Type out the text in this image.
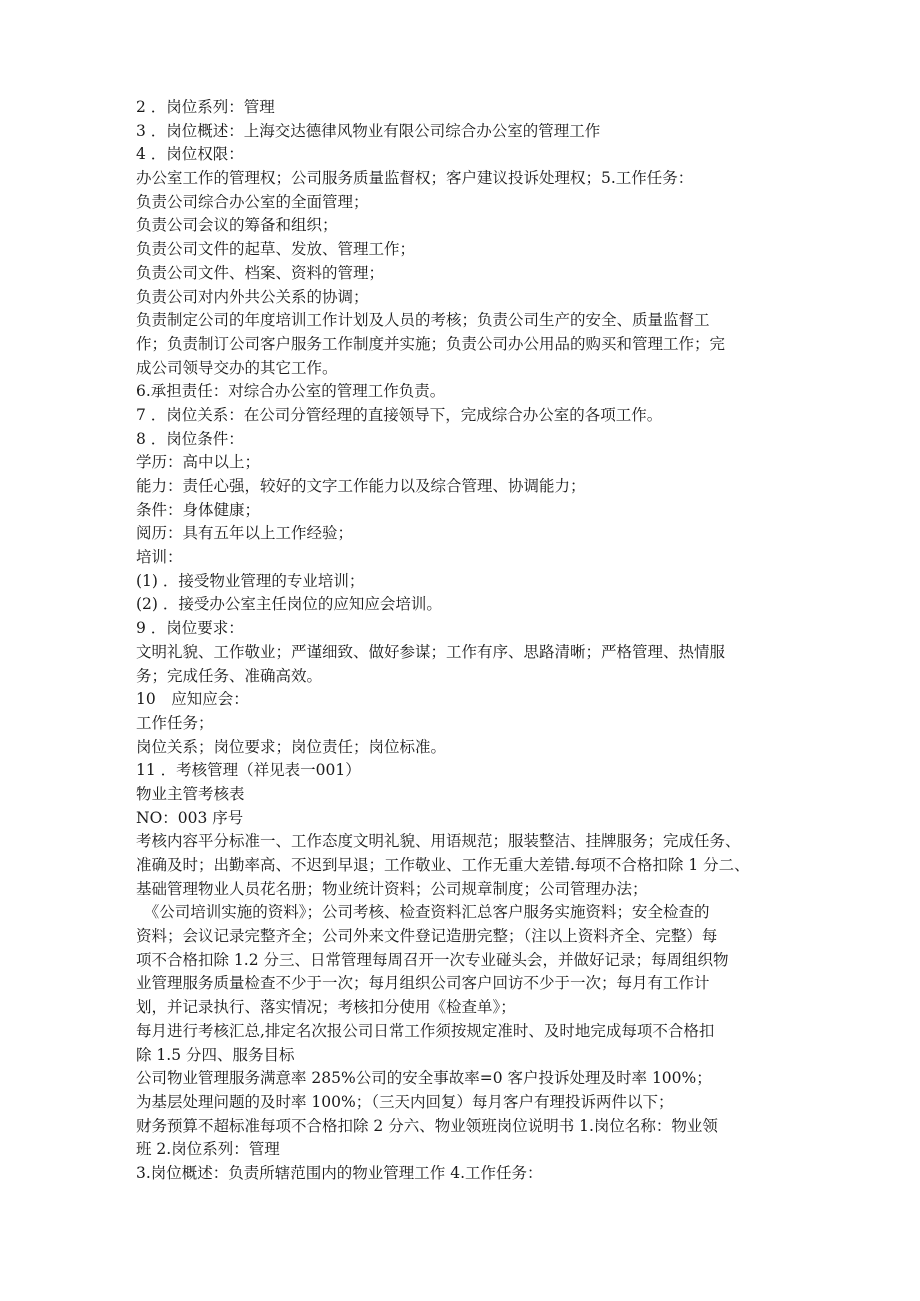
2 ．岗位系列：管理
3 ．岗位概述：上海交达德律风物业有限公司综合办公室的管理工作
4 ．岗位权限：
办公室工作的管理权；公司服务质量监督权；客户建议投诉处理权；5.工作任务：
负责公司综合办公室的全面管理；
负责公司会议的筹备和组织；
负责公司文件的起草、发放、管理工作；
负责公司文件、档案、资料的管理；
负责公司对内外共公关系的协调；
负责制定公司的年度培训工作计划及人员的考核；负责公司生产的安全、质量监督工
作；负责制订公司客户服务工作制度并实施；负责公司办公用品的购买和管理工作；完
成公司领导交办的其它工作。
6.承担责任：对综合办公室的管理工作负责。
7 ．岗位关系：在公司分管经理的直接领导下，完成综合办公室的各项工作。
8 ．岗位条件：
学历：高中以上；
能力：责任心强，较好的文字工作能力以及综合管理、协调能力；
条件：身体健康；
阅历：具有五年以上工作经验；
培训：
(1) ．接受物业管理的专业培训；
(2) ．接受办公室主任岗位的应知应会培训。
9 ．岗位要求：
文明礼貌、工作敬业；严谨细致、做好参谋；工作有序、思路清晰；严格管理、热情服
务；完成任务、准确高效。
10　应知应会：
工作任务；
岗位关系；岗位要求；岗位责任；岗位标准。
11 ．考核管理（祥见表一001）
物业主管考核表
NO：003 序号
考核内容平分标准一、工作态度文明礼貌、用语规范；服装整洁、挂牌服务；完成任务、
准确及时；出勤率高、不迟到早退；工作敬业、工作无重大差错.每项不合格扣除 1 分二、
基础管理物业人员花名册；物业统计资料；公司规章制度；公司管理办法；
　《公司培训实施的资料》；公司考核、检查资料汇总客户服务实施资料；安全检查的
资料；会议记录完整齐全；公司外来文件登记造册完整；（注以上资料齐全、完整）每
项不合格扣除 1.2 分三、日常管理每周召开一次专业碰头会，并做好记录；每周组织物
业管理服务质量检查不少于一次；每月组织公司客户回访不少于一次；每月有工作计
划，并记录执行、落实情况；考核扣分使用《检查单》；
每月进行考核汇总,排定名次报公司日常工作须按规定准时、及时地完成每项不合格扣
除 1.5 分四、服务目标
公司物业管理服务满意率 285%公司的安全事故率=0 客户投诉处理及时率 100%；
为基层处理问题的及时率 100%；（三天内回复）每月客户有理投诉两件以下；
财务预算不超标准每项不合格扣除 2 分六、物业领班岗位说明书 1.岗位名称：物业领
班 2.岗位系列：管理
3.岗位概述：负责所辖范围内的物业管理工作 4.工作任务：
